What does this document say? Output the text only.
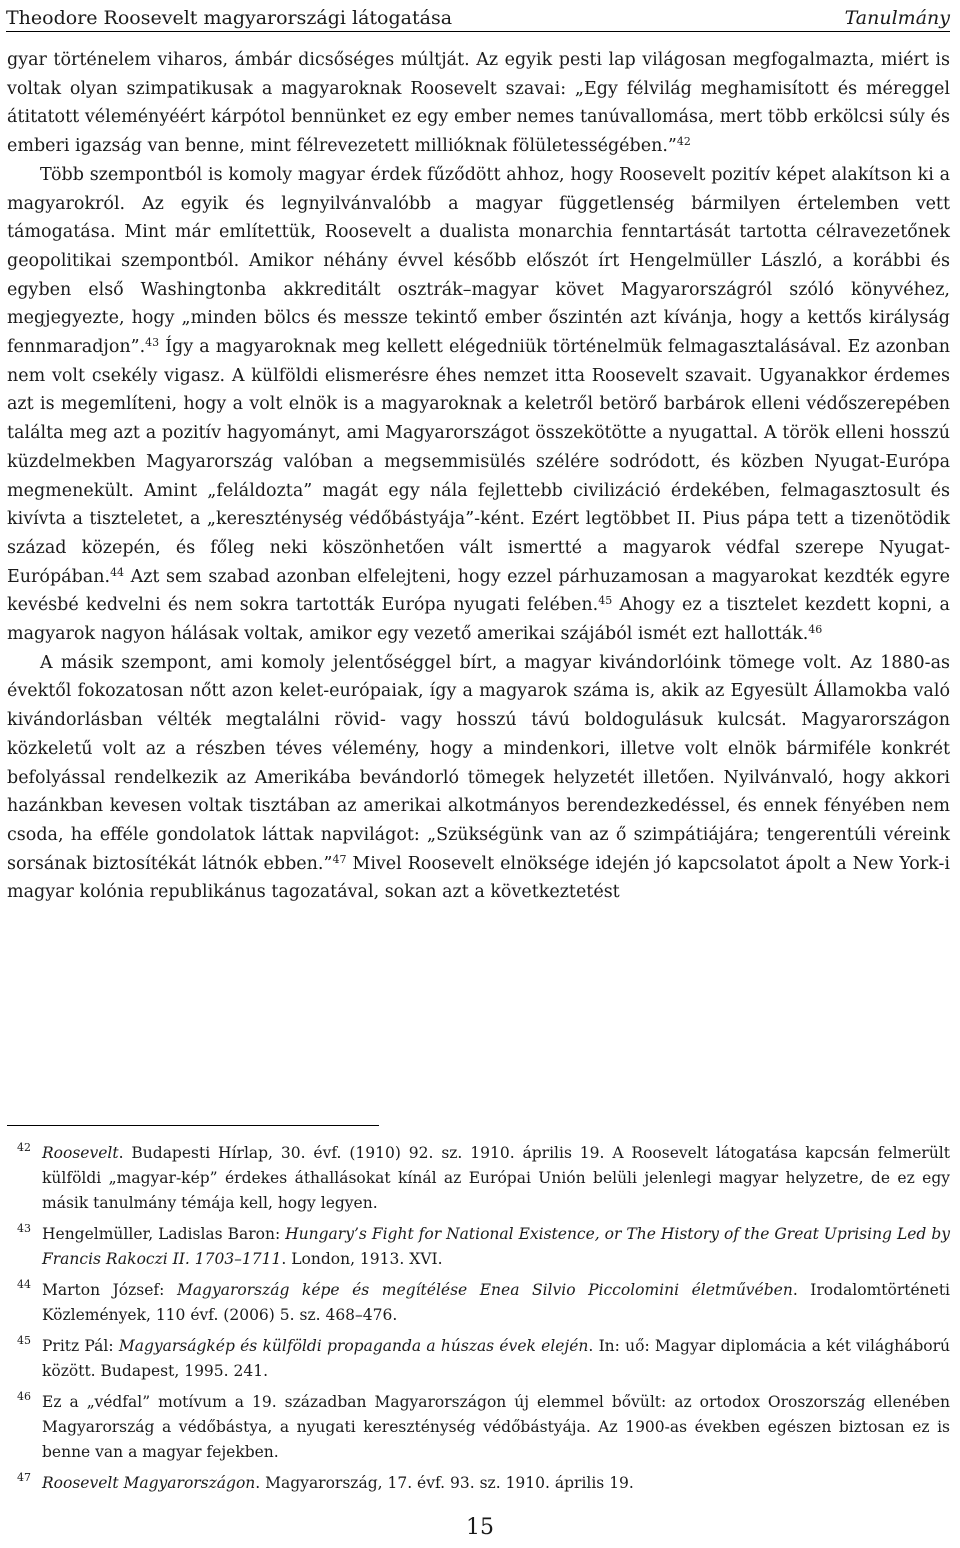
Theodore Roosevelt magyarországi látogatása	Tanulmány

gyar történelem viharos, ámbár dicsőséges múltját. Az egyik pesti lap világosan megfogalmazta, miért is voltak olyan szimpatikusak a magyaroknak Roosevelt szavai: „Egy félvilág meghamisított és méreggel átitatott véleményéért kárpótol bennünket ez egy ember nemes tanúvallomása, mert több erkölcsi súly és emberi igazság van benne, mint félrevezetett millióknak fölületességében.”$^{42}$

Több szempontból is komoly magyar érdek fűződött ahhoz, hogy Roosevelt pozitív képet alakítson ki a magyarokról. Az egyik és legnyilvánvalóbb a magyar függetlenség bármilyen értelemben vett támogatása. Mint már említettük, Roosevelt a dualista monarchia fenntartását tartotta célravezetőnek geopolitikai szempontból. Amikor néhány évvel később előszót írt Hengelmüller László, a korábbi és egyben első Washingtonba akkreditált osztrák–magyar követ Magyarországról szóló könyvéhez, megjegyezte, hogy „minden bölcs és messze tekintő ember őszintén azt kívánja, hogy a kettős királyság fennmaradjon”.$^{43}$ Így a magyaroknak meg kellett elégedniük történelmük felmagasztalásával. Ez azonban nem volt csekély vigasz. A külföldi elismerésre éhes nemzet itta Roosevelt szavait. Ugyanakkor érdemes azt is megemlíteni, hogy a volt elnök is a magyaroknak a keletről betörő barbárok elleni védőszerepében találta meg azt a pozitív hagyományt, ami Magyarországot összekötötte a nyugattal. A török elleni hosszú küzdelmekben Magyarország valóban a megsemmisülés szélére sodródott, és közben Nyugat-Európa megmenekült. Amint „feláldozta” magát egy nála fejlettebb civilizáció érdekében, felmagasztosult és kivívta a tiszteletet, a „kereszténység védőbástyája”-ként. Ezért legtöbbet II. Pius pápa tett a tizenötödik század közepén, és főleg neki köszönhetően vált ismertté a magyarok védfal szerepe Nyugat-Európában.$^{44}$ Azt sem szabad azonban elfelejteni, hogy ezzel párhuzamosan a magyarokat kezdték egyre kevésbé kedvelni és nem sokra tartották Európa nyugati felében.$^{45}$ Ahogy ez a tisztelet kezdett kopni, a magyarok nagyon hálásak voltak, amikor egy vezető amerikai szájából ismét ezt hallották.$^{46}$

A másik szempont, ami komoly jelentőséggel bírt, a magyar kivándorlóink tömege volt. Az 1880-as évektől fokozatosan nőtt azon kelet-európaiak, így a magyarok száma is, akik az Egyesült Államokba való kivándorlásban vélték megtalálni rövid- vagy hosszú távú boldogulásuk kulcsát. Magyarországon közkeletű volt az a részben téves vélemény, hogy a mindenkori, illetve volt elnök bármiféle konkrét befolyással rendelkezik az Amerikába bevándorló tömegek helyzetét illetően. Nyilvánvaló, hogy akkori hazánkban kevesen voltak tisztában az amerikai alkotmányos berendezkedéssel, és ennek fényében nem csoda, ha efféle gondolatok láttak napvilágot: „Szükségünk van az ő szimpátiájára; tengerentúli véreink sorsának biztosítékát látnók ebben.”$^{47}$ Mivel Roosevelt elnöksége idején jó kapcsolatot ápolt a New York-i magyar kolónia republikánus tagozatával, sokan azt a következtetést

42 Roosevelt. Budapesti Hírlap, 30. évf. (1910) 92. sz. 1910. április 19. A Roosevelt látogatása kapcsán felmerült külföldi „magyar-kép” érdekes áthallásokat kínál az Európai Unión belüli jelenlegi magyar helyzetre, de ez egy másik tanulmány témája kell, hogy legyen.
43 Hengelmüller, Ladislas Baron: Hungary’s Fight for National Existence, or The History of the Great Uprising Led by Francis Rakoczi II. 1703–1711. London, 1913. XVI.
44 Marton József: Magyarország képe és megítélése Enea Silvio Piccolomini életművében. Irodalomtörténeti Közlemények, 110 évf. (2006) 5. sz. 468–476.
45 Pritz Pál: Magyarságkép és külföldi propaganda a húszas évek elején. In: uő: Magyar diplomácia a két világháború között. Budapest, 1995. 241.
46 Ez a „védfal” motívum a 19. században Magyarországon új elemmel bővült: az ortodox Oroszország ellenében Magyarország a védőbástya, a nyugati kereszténység védőbástyája. Az 1900-as években egészen biztosan ez is benne van a magyar fejekben.
47 Roosevelt Magyarországon. Magyarország, 17. évf. 93. sz. 1910. április 19.
15
